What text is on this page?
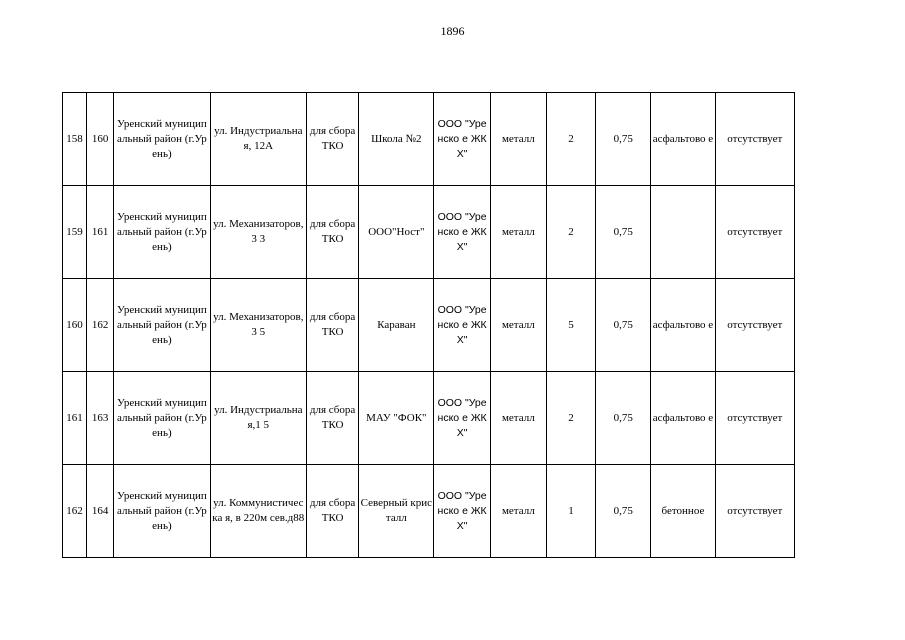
1896
158	160	Уренский муниципальный район (г.Урень)	ул. Индустриальная, 12А	для сбора ТКО	Школа №2	ООО "Уренско е ЖКХ"	металл	2	0,75	асфальтово е	отсутствует
159	161	Уренский муниципальный район (г.Урень)	ул. Механизаторов,3 3	для сбора ТКО	ООО"Ност"	ООО "Уренско е ЖКХ"	металл	2	0,75		отсутствует
160	162	Уренский муниципальный район (г.Урень)	ул. Механизаторов,3 5	для сбора ТКО	Караван	ООО "Уренско е ЖКХ"	металл	5	0,75	асфальтово е	отсутствует
161	163	Уренский муниципальный район (г.Урень)	ул. Индустриальная,1 5	для сбора ТКО	МАУ "ФОК"	ООО "Уренско е ЖКХ"	металл	2	0,75	асфальтово е	отсутствует
162	164	Уренский муниципальный район (г.Урень)	ул. Коммунистическа я, в 220м сев.д88	для сбора ТКО	Северный кристалл	ООО "Уренско е ЖКХ"	металл	1	0,75	бетонное	отсутствует
